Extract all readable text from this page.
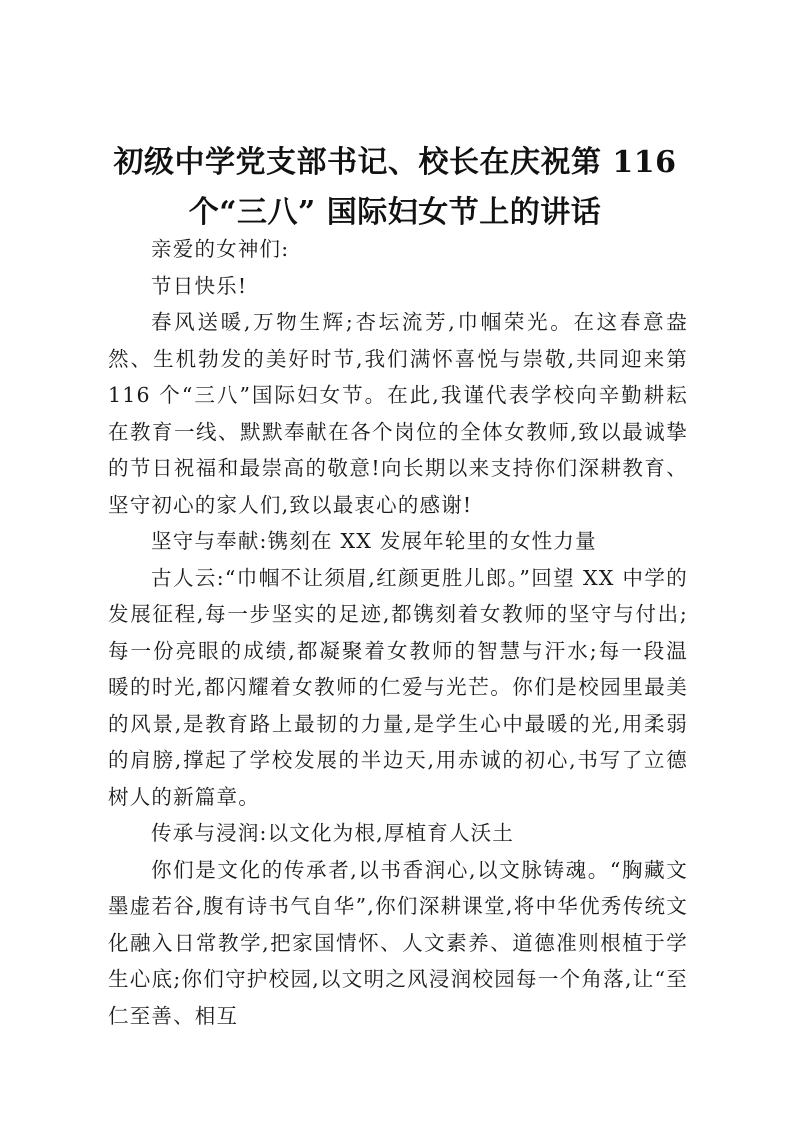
初级中学党支部书记、校长在庆祝第 116 个“三八” 国际妇女节上的讲话

亲爱的女神们:

节日快乐!

春风送暖,万物生辉;杏坛流芳,巾帼荣光。在这春意盎然、生机勃发的美好时节,我们满怀喜悦与崇敬,共同迎来第 116 个“三八”国际妇女节。在此,我谨代表学校向辛勤耕耘在教育一线、默默奉献在各个岗位的全体女教师,致以最诚挚的节日祝福和最崇高的敬意!向长期以来支持你们深耕教育、坚守初心的家人们,致以最衷心的感谢!

坚守与奉献:镌刻在 XX 发展年轮里的女性力量

古人云:“巾帼不让须眉,红颜更胜儿郎。”回望 XX 中学的发展征程,每一步坚实的足迹,都镌刻着女教师的坚守与付出;每一份亮眼的成绩,都凝聚着女教师的智慧与汗水;每一段温暖的时光,都闪耀着女教师的仁爱与光芒。你们是校园里最美的风景,是教育路上最韧的力量,是学生心中最暖的光,用柔弱的肩膀,撑起了学校发展的半边天,用赤诚的初心,书写了立德树人的新篇章。

传承与浸润:以文化为根,厚植育人沃土

你们是文化的传承者,以书香润心,以文脉铸魂。“胸藏文墨虚若谷,腹有诗书气自华”,你们深耕课堂,将中华优秀传统文化融入日常教学,把家国情怀、人文素养、道德准则根植于学生心底;你们守护校园,以文明之风浸润校园每一个角落,让“至仁至善、相互
